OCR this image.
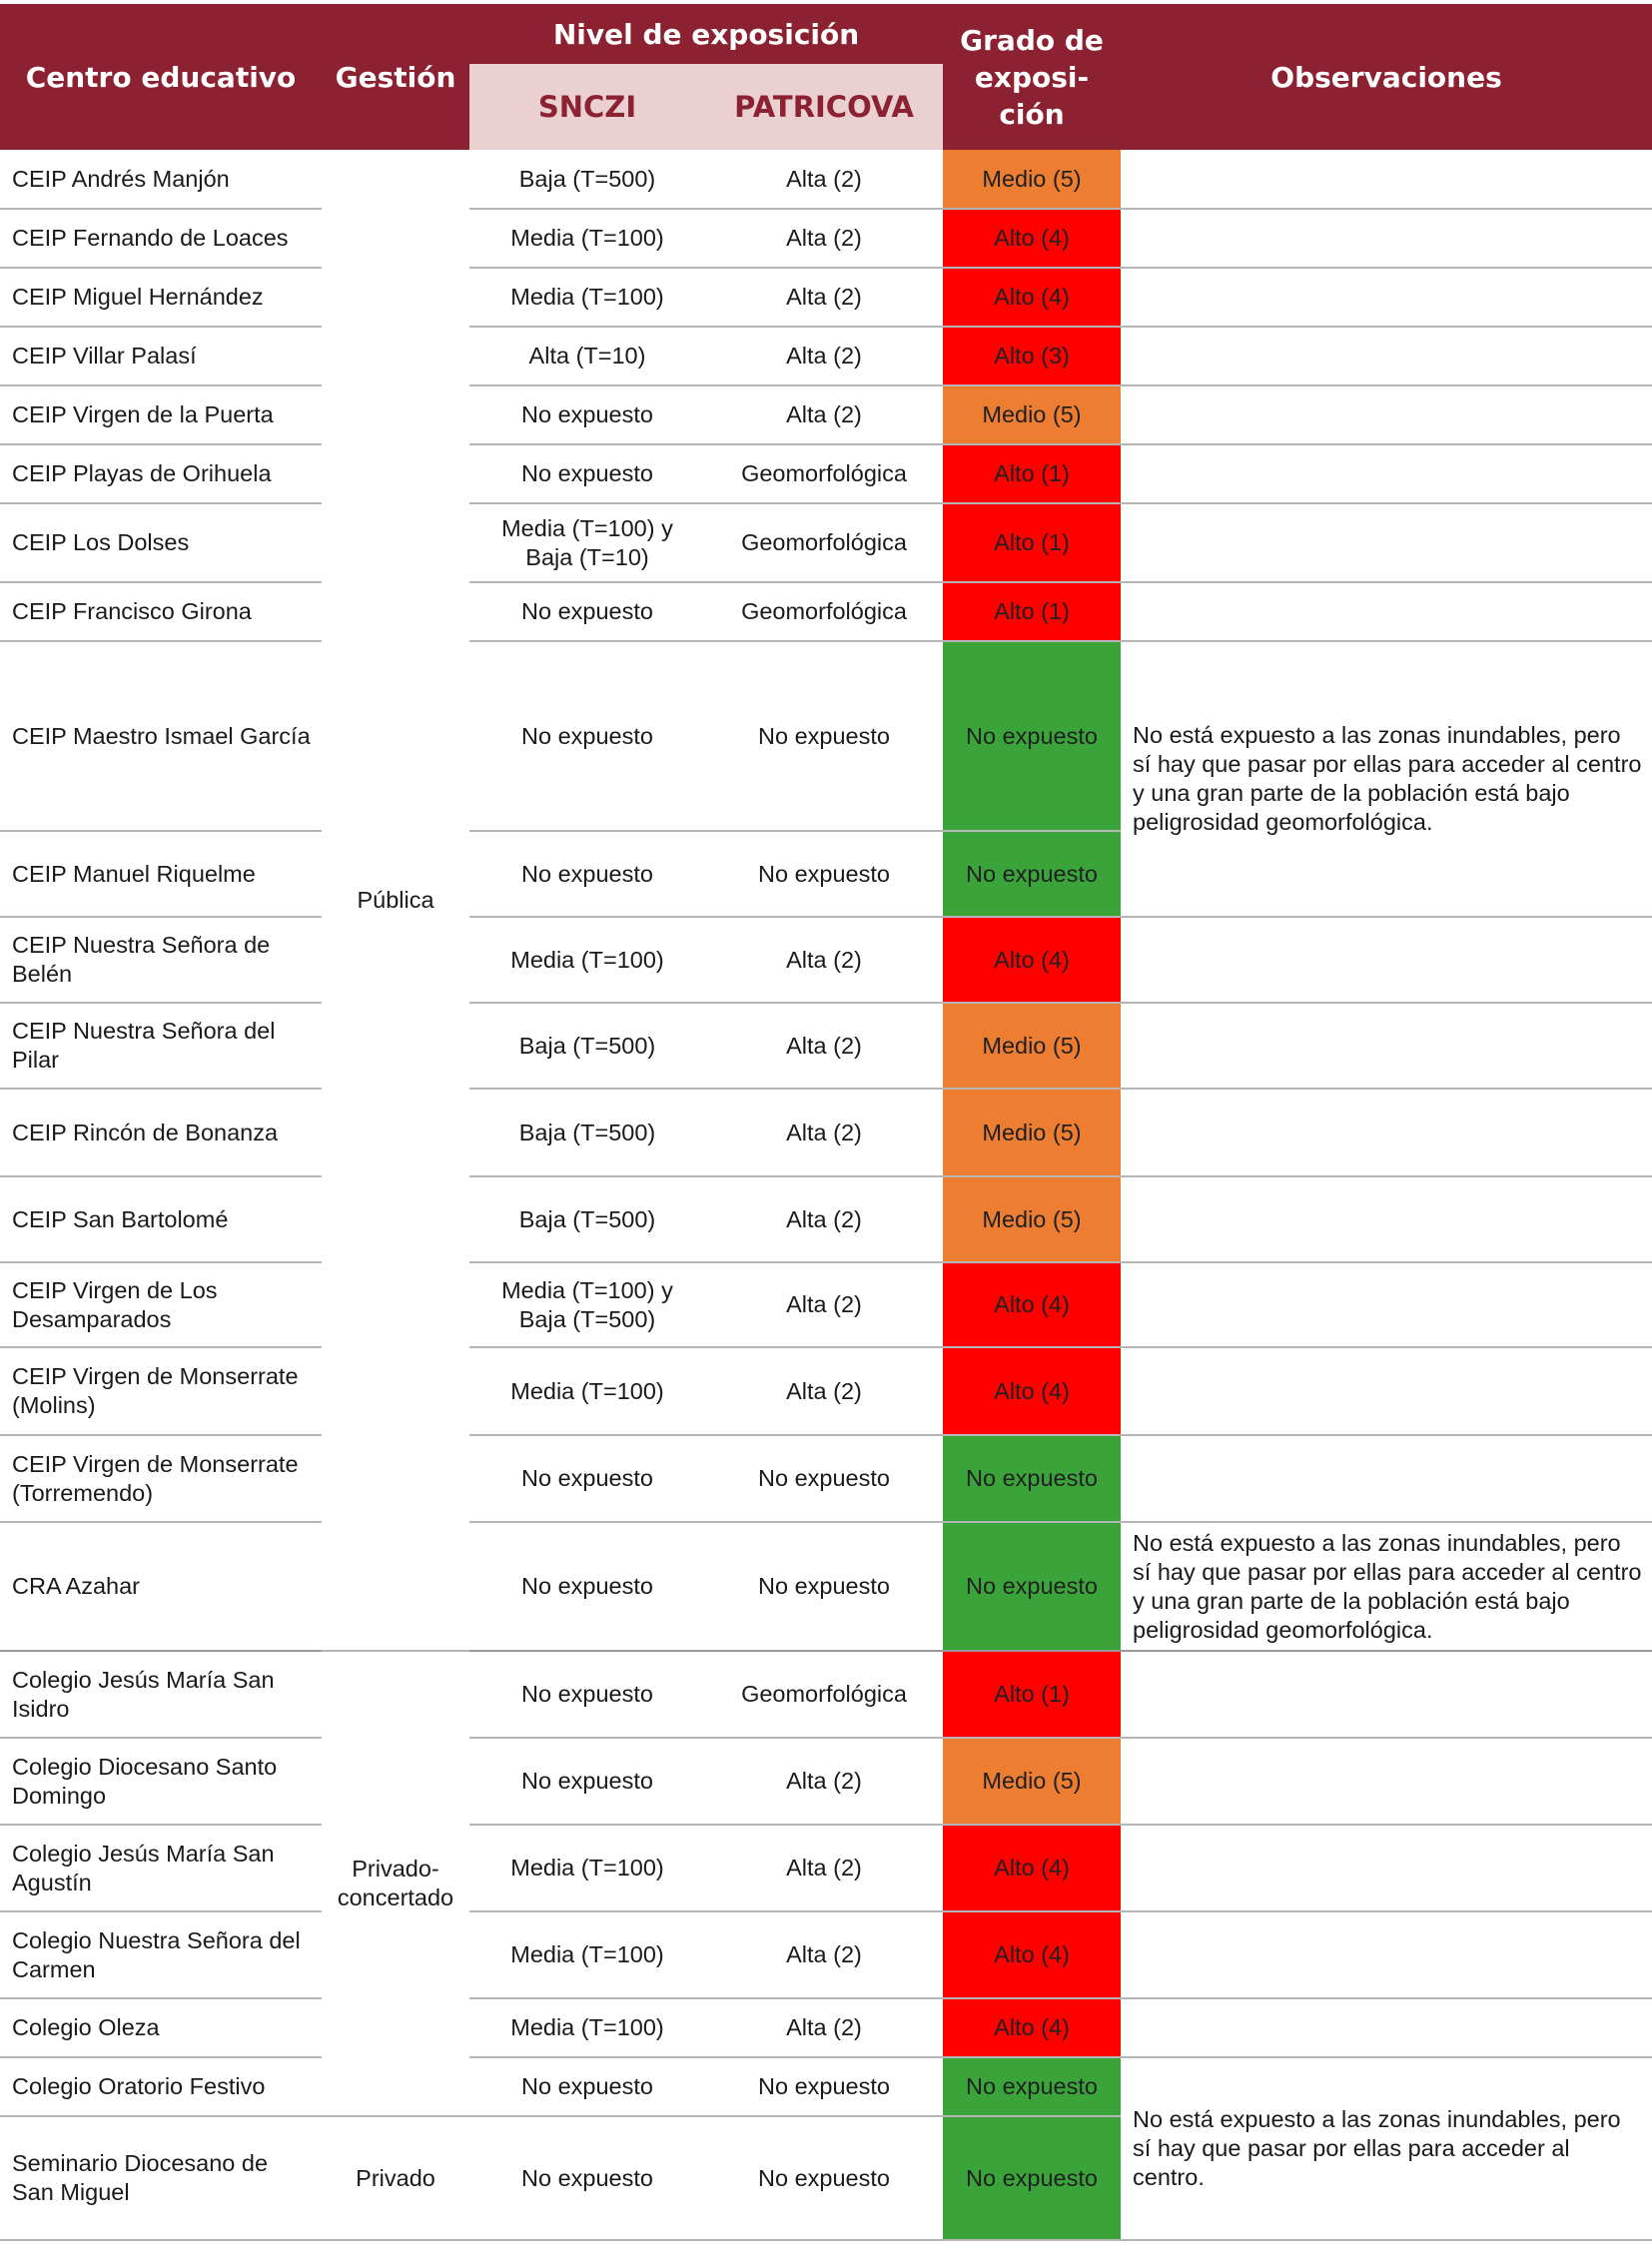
Centro educativo	Gestión	Nivel de exposición		Grado de exposi- ción	Observaciones
		SNCZI	PATRICOVA		
CEIP Andrés Manjón	Pública	Baja (T=500)	Alta (2)	Medio (5)	
CEIP Fernando de Loaces		Media (T=100)	Alta (2)	Alto (4)	
CEIP Miguel Hernández		Media (T=100)	Alta (2)	Alto (4)	
CEIP Villar Palasí		Alta (T=10)	Alta (2)	Alto (3)	
CEIP Virgen de la Puerta		No expuesto	Alta (2)	Medio (5)	
CEIP Playas de Orihuela		No expuesto	Geomorfológica	Alto (1)	
CEIP Los Dolses		Media (T=100) y Baja (T=10)	Geomorfológica	Alto (1)	
CEIP Francisco Girona		No expuesto	Geomorfológica	Alto (1)	
CEIP Maestro Ismael García		No expuesto	No expuesto	No expuesto	No está expuesto a las zonas inundables, pero sí hay que pasar por ellas para acceder al centro y una gran parte de la población está bajo peligrosidad geomorfológica.
CEIP Manuel Riquelme		No expuesto	No expuesto	No expuesto	
CEIP Nuestra Señora de Belén		Media (T=100)	Alta (2)	Alto (4)	
CEIP Nuestra Señora del Pilar		Baja (T=500)	Alta (2)	Medio (5)	
CEIP Rincón de Bonanza		Baja (T=500)	Alta (2)	Medio (5)	
CEIP San Bartolomé		Baja (T=500)	Alta (2)	Medio (5)	
CEIP Virgen de Los Desamparados		Media (T=100) y Baja (T=500)	Alta (2)	Alto (4)	
CEIP Virgen de Monserrate (Molins)		Media (T=100)	Alta (2)	Alto (4)	
CEIP Virgen de Monserrate (Torremendo)		No expuesto	No expuesto	No expuesto	
CRA Azahar		No expuesto	No expuesto	No expuesto	No está expuesto a las zonas inundables, pero sí hay que pasar por ellas para acceder al centro y una gran parte de la población está bajo peligrosidad geomorfológica.
Colegio Jesús María San Isidro	Privado-concertado	No expuesto	Geomorfológica	Alto (1)	
Colegio Diocesano Santo Domingo		No expuesto	Alta (2)	Medio (5)	
Colegio Jesús María San Agustín		Media (T=100)	Alta (2)	Alto (4)	
Colegio Nuestra Señora del Carmen		Media (T=100)	Alta (2)	Alto (4)	
Colegio Oleza		Media (T=100)	Alta (2)	Alto (4)	
Colegio Oratorio Festivo		No expuesto	No expuesto	No expuesto	No está expuesto a las zonas inundables, pero sí hay que pasar por ellas para acceder al centro.
Seminario Diocesano de San Miguel	Privado	No expuesto	No expuesto	No expuesto	
